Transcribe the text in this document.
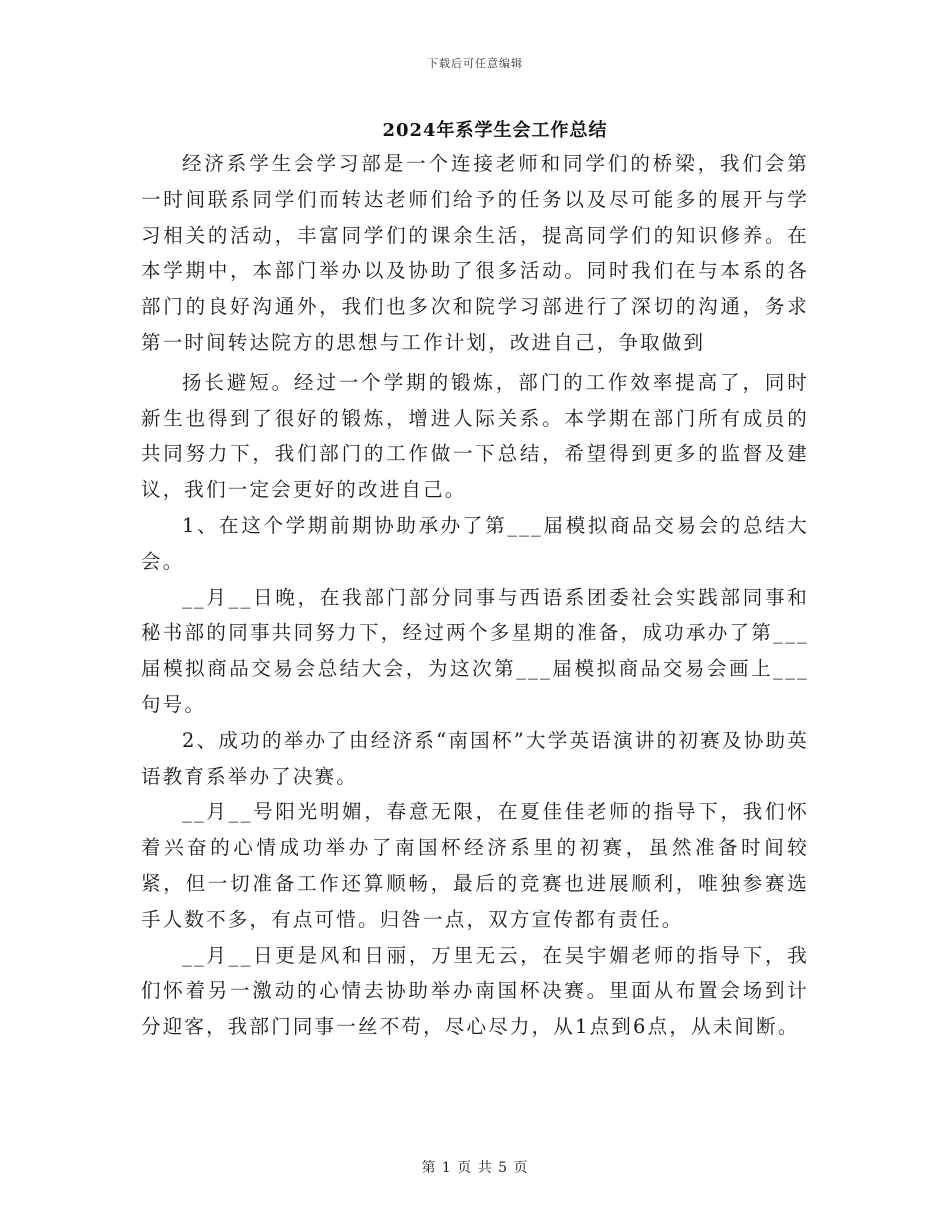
下载后可任意编辑
2024年系学生会工作总结

经济系学生会学习部是一个连接老师和同学们的桥梁，我们会第一时间联系同学们而转达老师们给予的任务以及尽可能多的展开与学习相关的活动，丰富同学们的课余生活，提高同学们的知识修养。在本学期中，本部门举办以及协助了很多活动。同时我们在与本系的各部门的良好沟通外，我们也多次和院学习部进行了深切的沟通，务求第一时间转达院方的思想与工作计划，改进自己，争取做到

扬长避短。经过一个学期的锻炼，部门的工作效率提高了，同时新生也得到了很好的锻炼，增进人际关系。本学期在部门所有成员的共同努力下，我们部门的工作做一下总结，希望得到更多的监督及建议，我们一定会更好的改进自己。

1、在这个学期前期协助承办了第___届模拟商品交易会的总结大会。

__月__日晚，在我部门部分同事与西语系团委社会实践部同事和秘书部的同事共同努力下，经过两个多星期的准备，成功承办了第___届模拟商品交易会总结大会，为这次第___届模拟商品交易会画上___句号。

2、成功的举办了由经济系“南国杯”大学英语演讲的初赛及协助英语教育系举办了决赛。

__月__号阳光明媚，春意无限，在夏佳佳老师的指导下，我们怀着兴奋的心情成功举办了南国杯经济系里的初赛，虽然准备时间较紧，但一切准备工作还算顺畅，最后的竞赛也进展顺利，唯独参赛选手人数不多，有点可惜。归咎一点，双方宣传都有责任。

__月__日更是风和日丽，万里无云，在吴宇媚老师的指导下，我们怀着另一激动的心情去协助举办南国杯决赛。里面从布置会场到计分迎客，我部门同事一丝不苟，尽心尽力，从1点到6点，从未间断。

第 1 页 共 5 页
